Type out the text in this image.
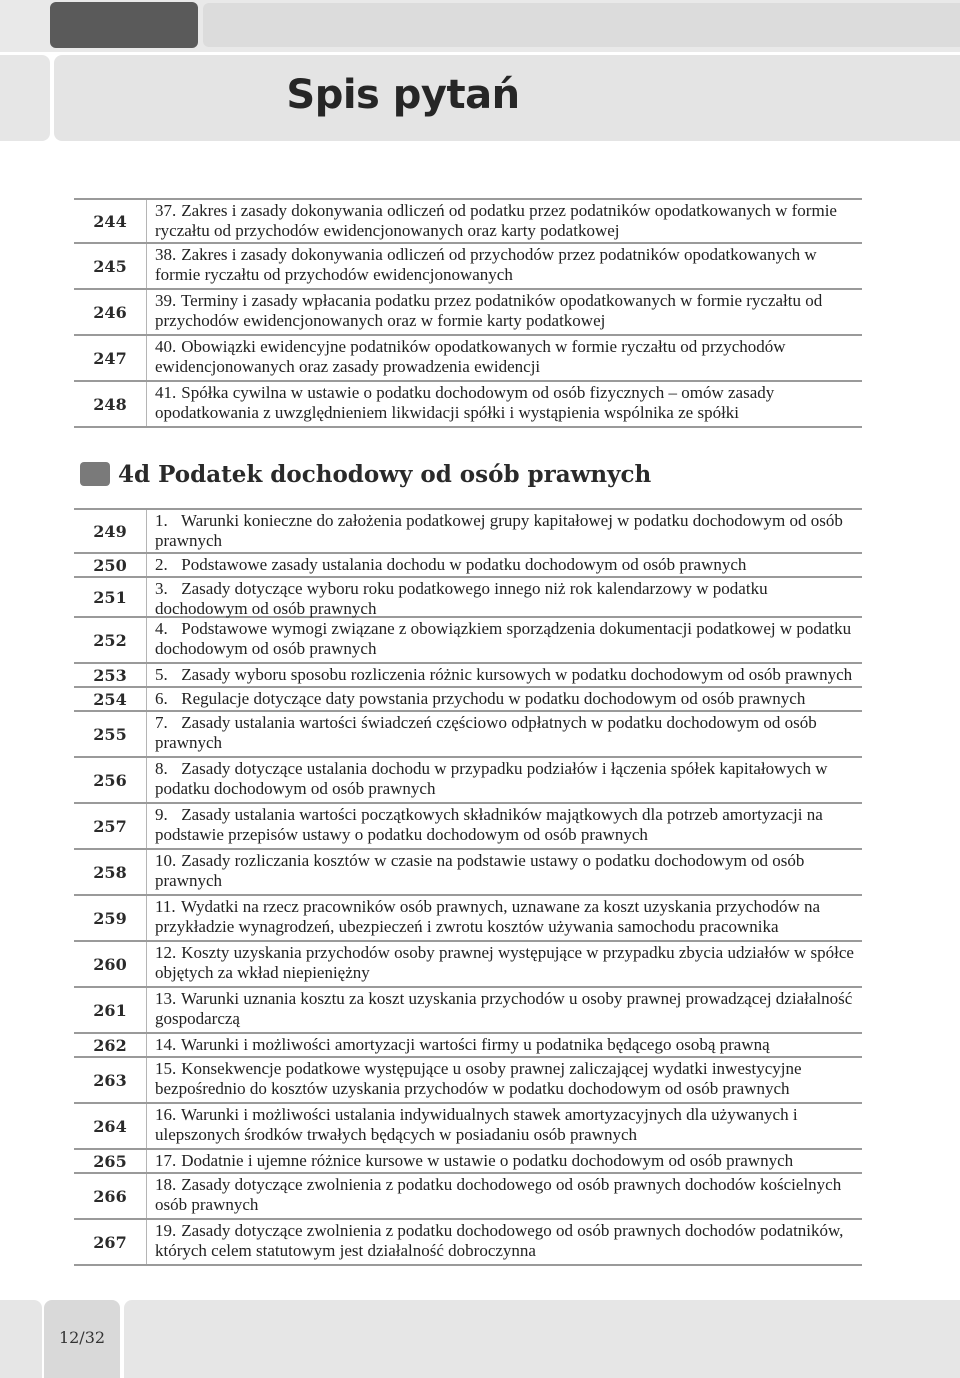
Spis pytań
244
37. Zakres i zasady dokonywania odliczeń od podatku przez podatników opodatkowanych w formie ryczałtu od przychodów ewidencjonowanych oraz karty podatkowej
245
38. Zakres i zasady dokonywania odliczeń od przychodów przez podatników opodatkowanych w formie ryczałtu od przychodów ewidencjonowanych
246
39. Terminy i zasady wpłacania podatku przez podatników opodatkowanych w formie ryczałtu od przychodów ewidencjonowanych oraz w formie karty podatkowej
247
40. Obowiązki ewidencyjne podatników opodatkowanych w formie ryczałtu od przychodów ewidencjonowanych oraz zasady prowadzenia ewidencji
248
41. Spółka cywilna w ustawie o podatku dochodowym od osób fizycznych – omów zasady opodatkowania z uwzględnieniem likwidacji spółki i wystąpienia wspólnika ze spółki
4d Podatek dochodowy od osób prawnych
249
1. Warunki konieczne do założenia podatkowej grupy kapitałowej w podatku dochodowym od osób prawnych
250	2. Podstawowe zasady ustalania dochodu w podatku dochodowym od osób prawnych
251	3. Zasady dotyczące wyboru roku podatkowego innego niż rok kalendarzowy w podatku dochodowym od osób prawnych
252
4. Podstawowe wymogi związane z obowiązkiem sporządzenia dokumentacji podatkowej w podatku dochodowym od osób prawnych
253	5. Zasady wyboru sposobu rozliczenia różnic kursowych w podatku dochodowym od osób prawnych
254	6. Regulacje dotyczące daty powstania przychodu w podatku dochodowym od osób prawnych
255
7. Zasady ustalania wartości świadczeń częściowo odpłatnych w podatku dochodowym od osób prawnych
256
8. Zasady dotyczące ustalania dochodu w przypadku podziałów i łączenia spółek kapitałowych w podatku dochodowym od osób prawnych
257
9. Zasady ustalania wartości początkowych składników majątkowych dla potrzeb amortyzacji na podstawie przepisów ustawy o podatku dochodowym od osób prawnych
258
10. Zasady rozliczania kosztów w czasie na podstawie ustawy o podatku dochodowym od osób prawnych
259
11. Wydatki na rzecz pracowników osób prawnych, uznawane za koszt uzyskania przychodów na przykładzie wynagrodzeń, ubezpieczeń i zwrotu kosztów używania samochodu pracownika
260
12. Koszty uzyskania przychodów osoby prawnej występujące w przypadku zbycia udziałów w spółce objętych za wkład niepieniężny
261
13. Warunki uznania kosztu za koszt uzyskania przychodów u osoby prawnej prowadzącej działalność gospodarczą
262	14. Warunki i możliwości amortyzacji wartości firmy u podatnika będącego osobą prawną
263
15. Konsekwencje podatkowe występujące u osoby prawnej zaliczającej wydatki inwestycyjne bezpośrednio do kosztów uzyskania przychodów w podatku dochodowym od osób prawnych
264
16. Warunki i możliwości ustalania indywidualnych stawek amortyzacyjnych dla używanych i ulepszonych środków trwałych będących w posiadaniu osób prawnych
265	17. Dodatnie i ujemne różnice kursowe w ustawie o podatku dochodowym od osób prawnych
266
18. Zasady dotyczące zwolnienia z podatku dochodowego od osób prawnych dochodów kościelnych osób prawnych
267
19. Zasady dotyczące zwolnienia z podatku dochodowego od osób prawnych dochodów podatników, których celem statutowym jest działalność dobroczynna
12/32
